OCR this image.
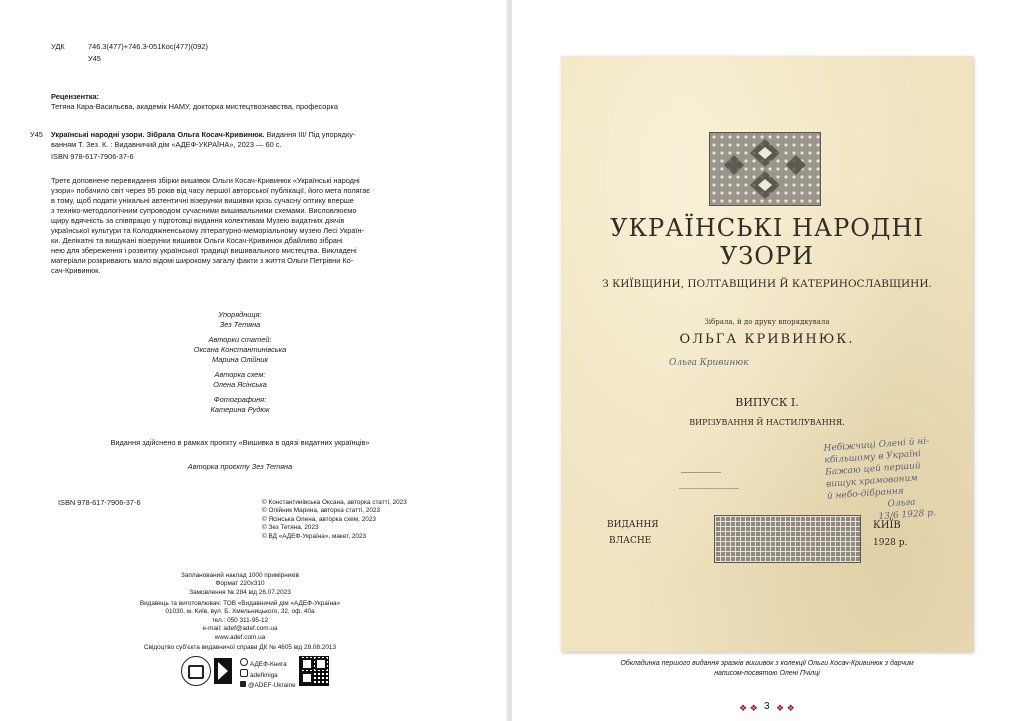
УДК	746.3(477)+746.3-051Кос(477)(092)
У45
Рецензентка:
Тетяна Кара-Васильєва, академік НАМУ, докторка мистецтвознавства, професорка
У45 Українські народні узори. Зібрала Ольга Косач-Кривинюк. Видання III/ Під упорядку-
ванням Т. Зез. К. : Видавничий дім «АДЕФ-УКРАЇНА», 2023 — 60 с.
ISBN 978-617-7906-37-6
Третє доповнене перевидання збірки вишивок Ольги Косач-Кривинюк «Українські народні
узори» побачило світ через 95 років від часу першої авторської публікації, його мета полягає
в тому, щоб подати унікальні автентичні візерунки вишивки крізь сучасну оптику вперше
з техніко-методологічним супроводом сучасними вишивальними схемами. Висловлюємо
щиру вдячність за співпрацю у підготовці видання колективам Музею видатних діячів
української культури та Колодяжненському літературно-меморіальному музею Лесі Україн-
ки. Делікатні та вишукані візерунки вишивок Ольги Косач-Кривинюк дбайливо зібрані
нею для збереження і розвитку української традиції вишивального мистецтва. Викладені
матеріали розкривають мало відомі широкому загалу факти з життя Ольги Петрівни Ко-
сач-Кривинюк.
Упорядниця:
Зез Тетяна
Авторки статей:
Оксана Константинівська
Марина Олійник
Авторка схем:
Олена Ясінська
Фотографиня:
Катерина Рудюк
Видання здійснено в рамках проєкту «Вишивка в одязі видатних українців»
Авторка проєкту Зез Тетяна
ISBN 978-617-7906-37-6	© Константинівська Оксана, авторка статті, 2023
© Олійник Марина, авторка статті, 2023
© Ясінська Олена, авторка схем, 2023
© Зез Тетяна, 2023
© ВД «АДЕФ-Україна», макет, 2023
Запланований наклад 1000 примірників
Формат 220х310
Замовлення № 284 від 26.07.2023
Видавець та виготовлювач: ТОВ «Видавничий дім «АДЕФ-Україна»
01030, м. Київ, вул. Б. Хмельницького, 32, оф. 40а
тел.: 050 311-95-12
e-mail: adef@adef.com.ua
www.adef.com.ua
Свідоцтво суб'єкта видавничої справи ДК № 4605 від 28.08.2013
АДЕФ-Книга
adefkniga
@ADEF-Ukraine
УКРАЇНСЬКІ НАРОДНІ
УЗОРИ
З КИЇВЩИНИ, ПОЛТАВЩИНИ Й КАТЕРИНОСЛАВЩИНИ.
Зібрала, й до друку впорядкувала
ОЛЬГА КРИВИНЮК.
Ольга Кривинюк
ВИПУСК І.
ВИРІЗУВАННЯ Й НАСТИЛУВАННЯ.
Небіжчиці Олені й ні-
кбільшому в Україні
Бажаю цей перший
вишук храмованим
й небо-дібрання
Ольга
13/6 1928 р.
ВИДАННЯ
ВЛАСНЕ
КИЇВ
1928 р.
Обкладинка першого видання зразків вишивок з колекції Ольги Косач-Кривинюк з дарчим
написом-посвятою Олені Пчілці
❖ ❖ 3 ❖ ❖
